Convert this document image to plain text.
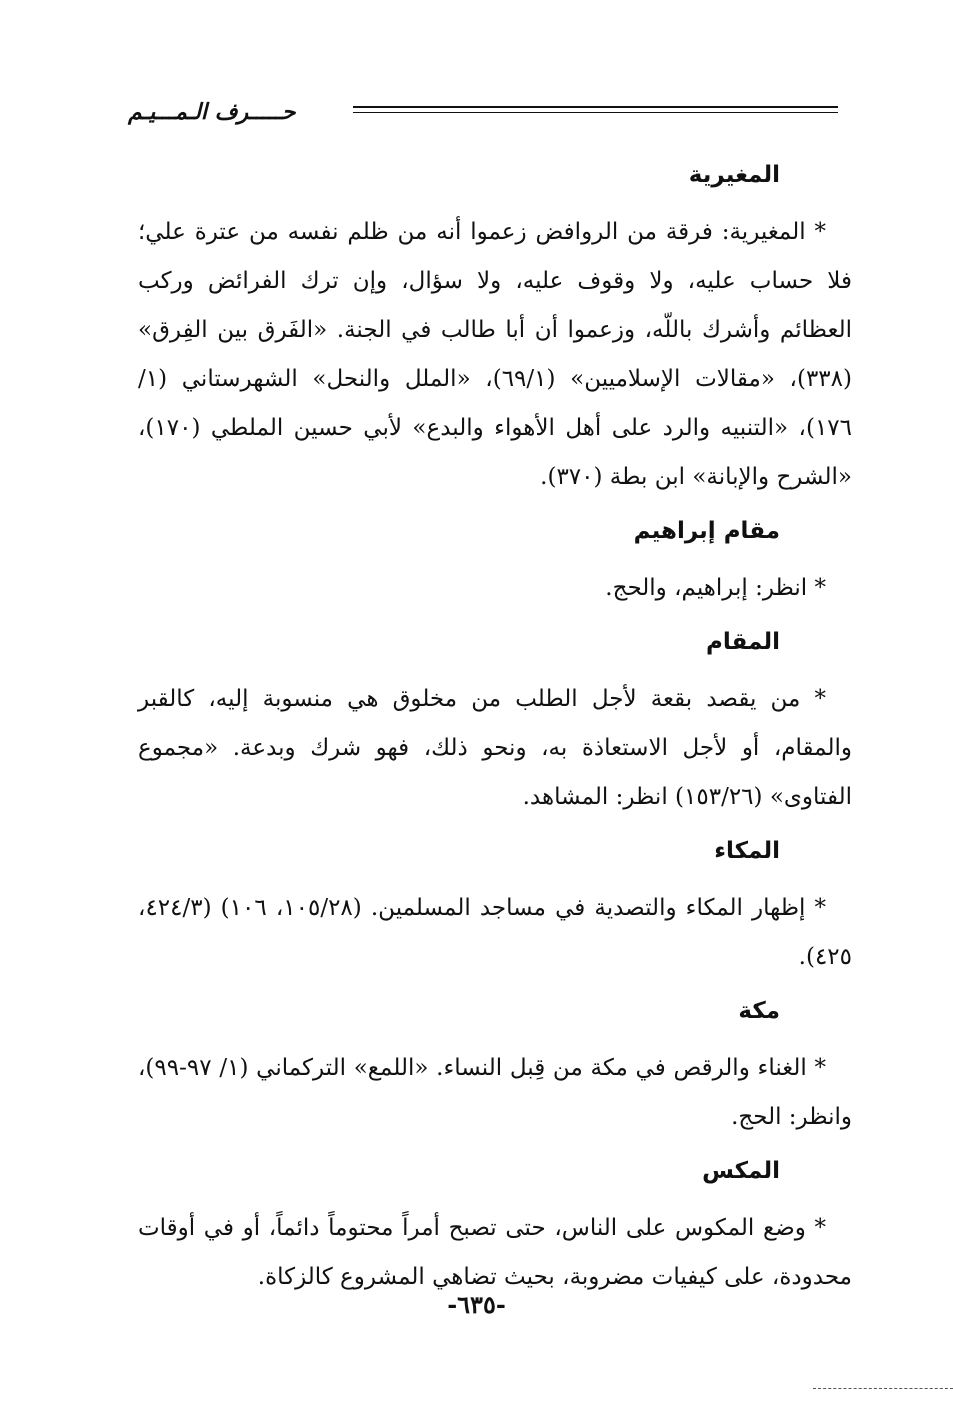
حـــــرف الـمـــيـم
المغيرية

* المغيرية: فرقة من الروافض زعموا أنه من ظلم نفسه من عترة علي؛ فلا حساب عليه، ولا وقوف عليه، ولا سؤال، وإن ترك الفرائض وركب العظائم وأشرك باللّه، وزعموا أن أبا طالب في الجنة. «الفَرق بين الفِرق» (٣٣٨)، «مقالات الإسلاميين» (٦٩/١)، «الملل والنحل» الشهرستاني (١/ ١٧٦)، «التنبيه والرد على أهل الأهواء والبدع» لأبي حسين الملطي (١٧٠)، «الشرح والإبانة» ابن بطة (٣٧٠).

مقام إبراهيم

* انظر: إبراهيم، والحج.

المقام

* من يقصد بقعة لأجل الطلب من مخلوق هي منسوبة إليه، كالقبر والمقام، أو لأجل الاستعاذة به، ونحو ذلك، فهو شرك وبدعة. «مجموع الفتاوى» (١٥٣/٢٦) انظر: المشاهد.

المكاء

* إظهار المكاء والتصدية في مساجد المسلمين. (١٠٥/٢٨، ١٠٦) (٤٢٤/٣، ٤٢٥).

مكة

* الغناء والرقص في مكة من قِبل النساء. «اللمع» التركماني (١/ ٩٧-٩٩)، وانظر: الحج.

المكس

* وضع المكوس على الناس، حتى تصبح أمراً محتوماً دائماً، أو في أوقات محدودة، على كيفيات مضروبة، بحيث تضاهي المشروع كالزكاة.

-٦٣٥-
